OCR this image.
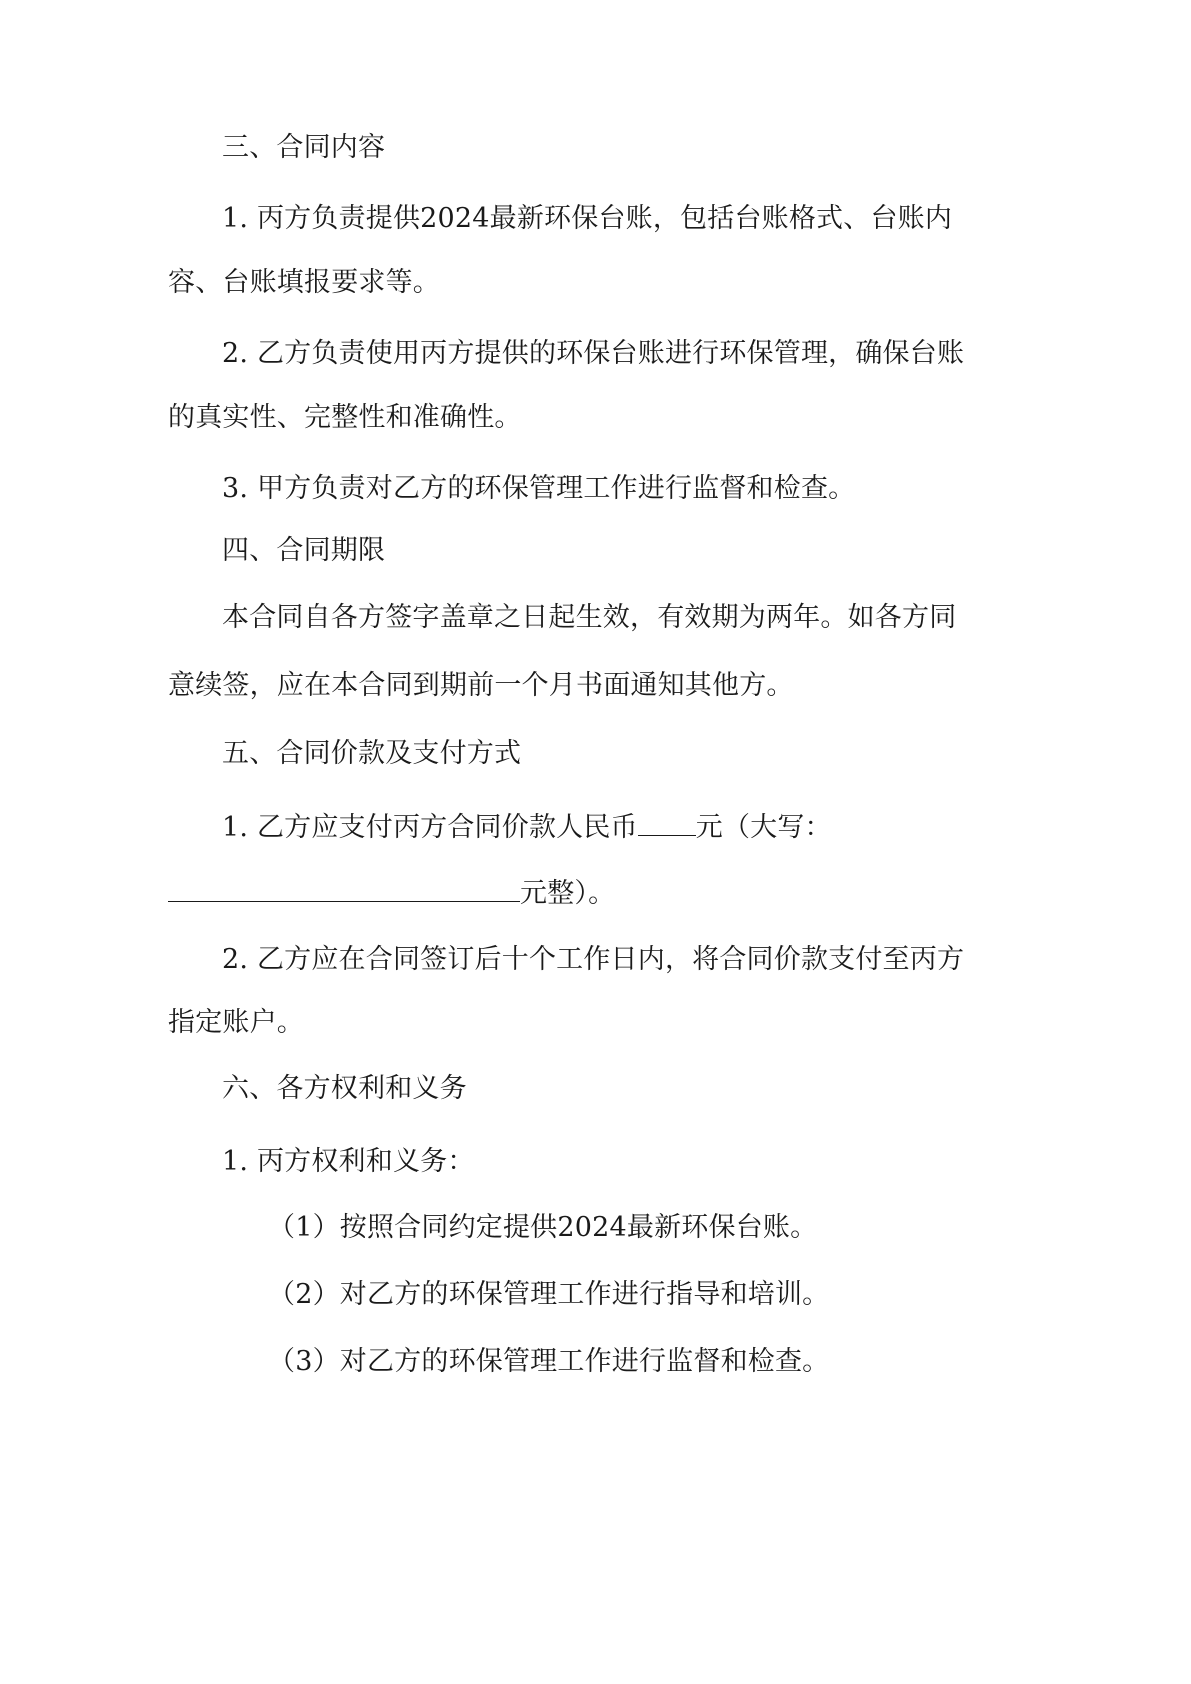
三、合同内容
1. 丙方负责提供2024最新环保台账，包括台账格式、台账内
容、台账填报要求等。
2. 乙方负责使用丙方提供的环保台账进行环保管理，确保台账
的真实性、完整性和准确性。
3. 甲方负责对乙方的环保管理工作进行监督和检查。
四、合同期限
本合同自各方签字盖章之日起生效，有效期为两年。如各方同
意续签，应在本合同到期前一个月书面通知其他方。
五、合同价款及支付方式
1. 乙方应支付丙方合同价款人民币 元（大写：
元整）。
2. 乙方应在合同签订后十个工作日内，将合同价款支付至丙方
指定账户。
六、各方权利和义务
1. 丙方权利和义务：
（1）按照合同约定提供2024最新环保台账。
（2）对乙方的环保管理工作进行指导和培训。
（3）对乙方的环保管理工作进行监督和检查。
